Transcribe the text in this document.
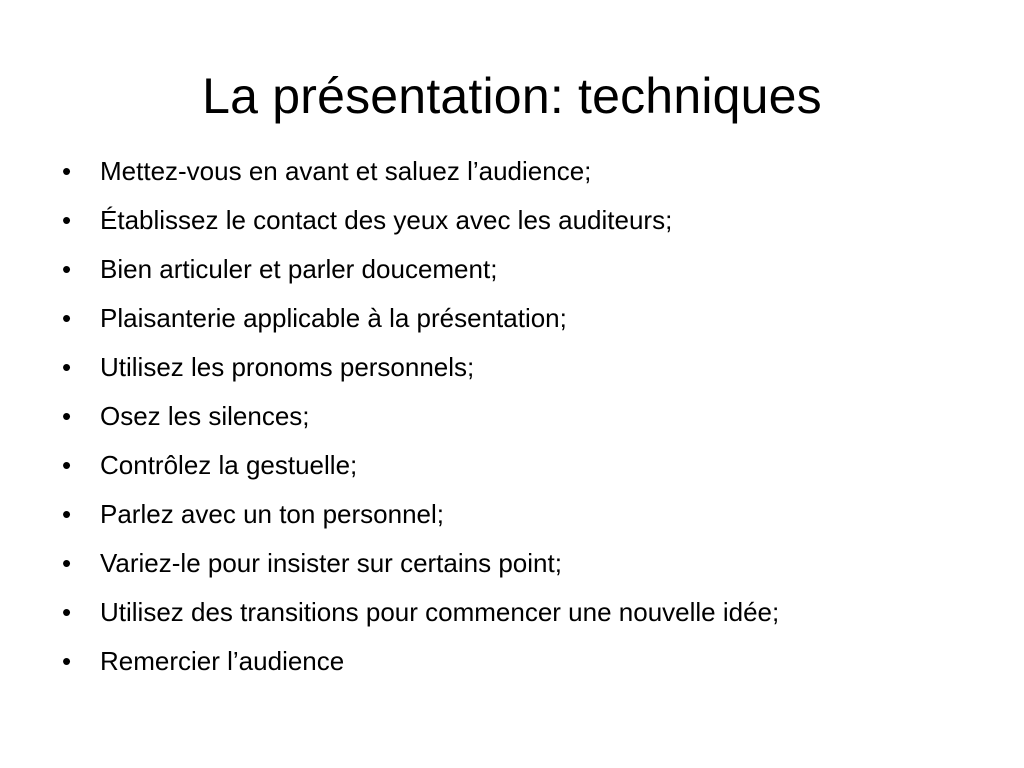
La présentation: techniques
•	Mettez-vous en avant et saluez l’audience;
•	Établissez le contact des yeux avec les auditeurs;
•	Bien articuler et parler doucement;
•	Plaisanterie applicable à la présentation;
•	Utilisez les pronoms personnels;
•	Osez les silences;
•	Contrôlez la gestuelle;
•	Parlez avec un ton personnel;
•	Variez-le pour insister sur certains point;
•	Utilisez des transitions pour commencer une nouvelle idée;
•	Remercier l’audience
